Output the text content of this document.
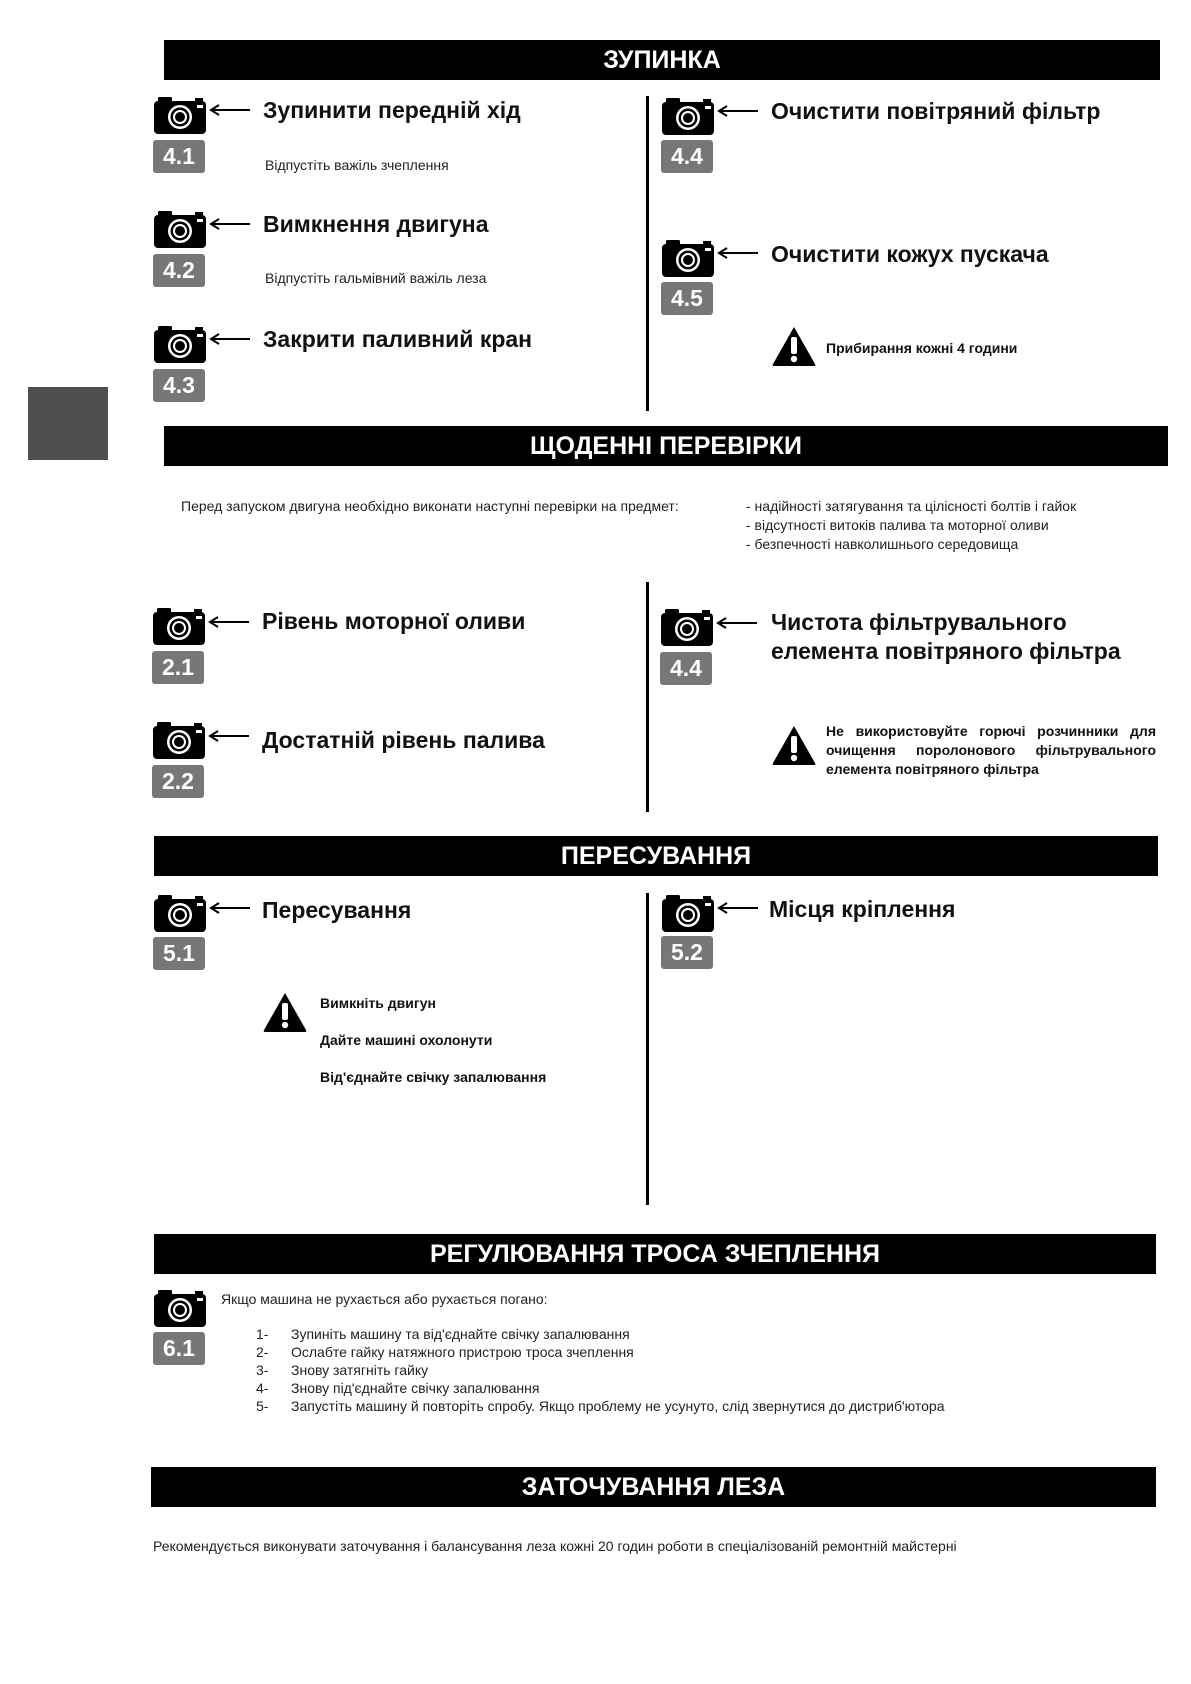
ЗУПИНКА
4.1
Зупинити передній хід
Відпустіть важіль зчеплення
4.2
Вимкнення двигуна
Відпустіть гальмівний важіль леза
4.3
Закрити паливний кран
4.4
Очистити повітряний фільтр
4.5
Очистити кожух пускача
Прибирання кожні 4 години
ЩОДЕННІ ПЕРЕВІРКИ
Перед запуском двигуна необхідно виконати наступні перевірки на предмет:	- надійності затягування та цілісності болтів і гайок
- відсутності витоків палива та моторної оливи
- безпечності навколишнього середовища
2.1
Рівень моторної оливи
2.2
Достатній рівень палива
4.4
Чистота фільтрувального
елемента повітряного фільтра
Не використовуйте горючі розчинники для очищення поролонового фільтрувального елемента повітряного фільтра
ПЕРЕСУВАННЯ
5.1
Пересування
Вимкніть двигун
Дайте машині охолонути
Від'єднайте свічку запалювання
5.2
Місця кріплення
РЕГУЛЮВАННЯ ТРОСА ЗЧЕПЛЕННЯ
6.1
Якщо машина не рухається або рухається погано:
1- Зупиніть машину та від'єднайте свічку запалювання
2- Ослабте гайку натяжного пристрою троса зчеплення
3- Знову затягніть гайку
4- Знову під'єднайте свічку запалювання
5- Запустіть машину й повторіть спробу. Якщо проблему не усунуто, слід звернутися до дистриб'ютора
ЗАТОЧУВАННЯ ЛЕЗА
Рекомендується виконувати заточування і балансування леза кожні 20 годин роботи в спеціалізованій ремонтній майстерні
